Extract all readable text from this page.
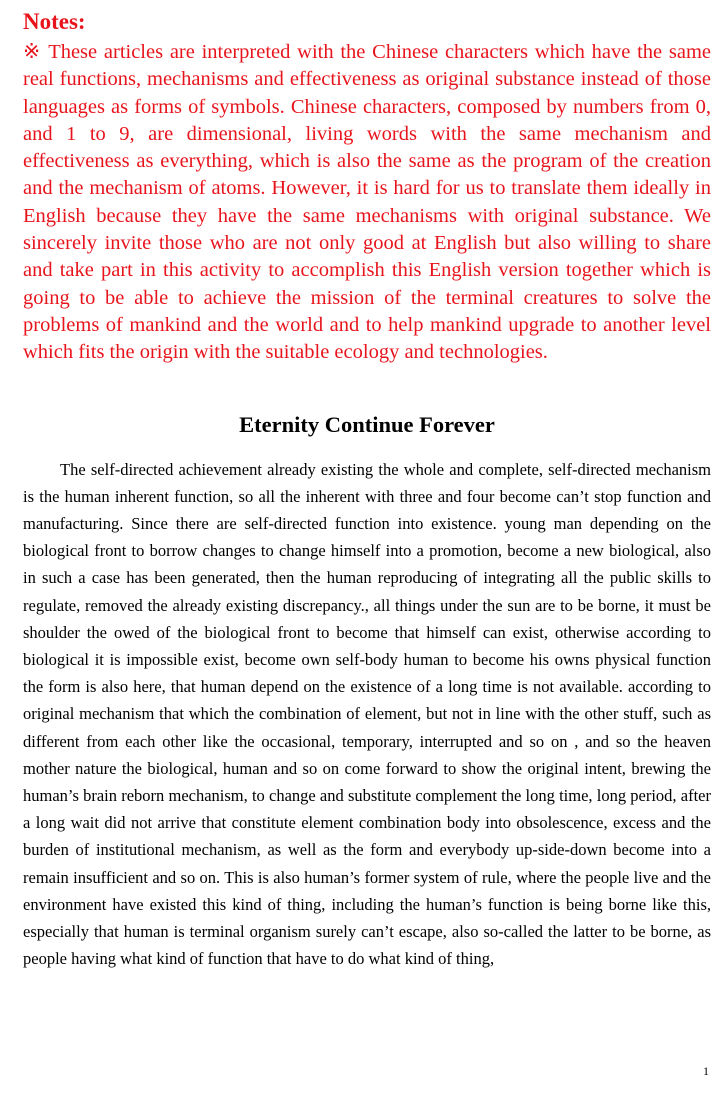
Notes:

※ These articles are interpreted with the Chinese characters which have the same real functions, mechanisms and effectiveness as original substance instead of those languages as forms of symbols. Chinese characters, composed by numbers from 0, and 1 to 9, are dimensional, living words with the same mechanism and effectiveness as everything, which is also the same as the program of the creation and the mechanism of atoms. However, it is hard for us to translate them ideally in English because they have the same mechanisms with original substance. We sincerely invite those who are not only good at English but also willing to share and take part in this activity to accomplish this English version together which is going to be able to achieve the mission of the terminal creatures to solve the problems of mankind and the world and to help mankind upgrade to another level which fits the origin with the suitable ecology and technologies.

Eternity Continue Forever

The self-directed achievement already existing the whole and complete, self-directed mechanism is the human inherent function, so all the inherent with three and four become can’t stop function and manufacturing. Since there are self-directed function into existence. young man depending on the biological front to borrow changes to change himself into a promotion, become a new biological, also in such a case has been generated, then the human reproducing of integrating all the public skills to regulate, removed the already existing discrepancy., all things under the sun are to be borne, it must be shoulder the owed of the biological front to become that himself can exist, otherwise according to biological it is impossible exist, become own self-body human to become his owns physical function the form is also here, that human depend on the existence of a long time is not available. according to original mechanism that which the combination of element, but not in line with the other stuff, such as different from each other like the occasional, temporary, interrupted and so on , and so the heaven mother nature the biological, human and so on come forward to show the original intent, brewing the human’s brain reborn mechanism, to change and substitute complement the long time, long period, after a long wait did not arrive that constitute element combination body into obsolescence, excess and the burden of institutional mechanism, as well as the form and everybody up-side-down become into a remain insufficient and so on. This is also human’s former system of rule, where the people live and the environment have existed this kind of thing, including the human’s function is being borne like this, especially that human is terminal organism surely can’t escape, also so-called the latter to be borne, as people having what kind of function that have to do what kind of thing,

1
